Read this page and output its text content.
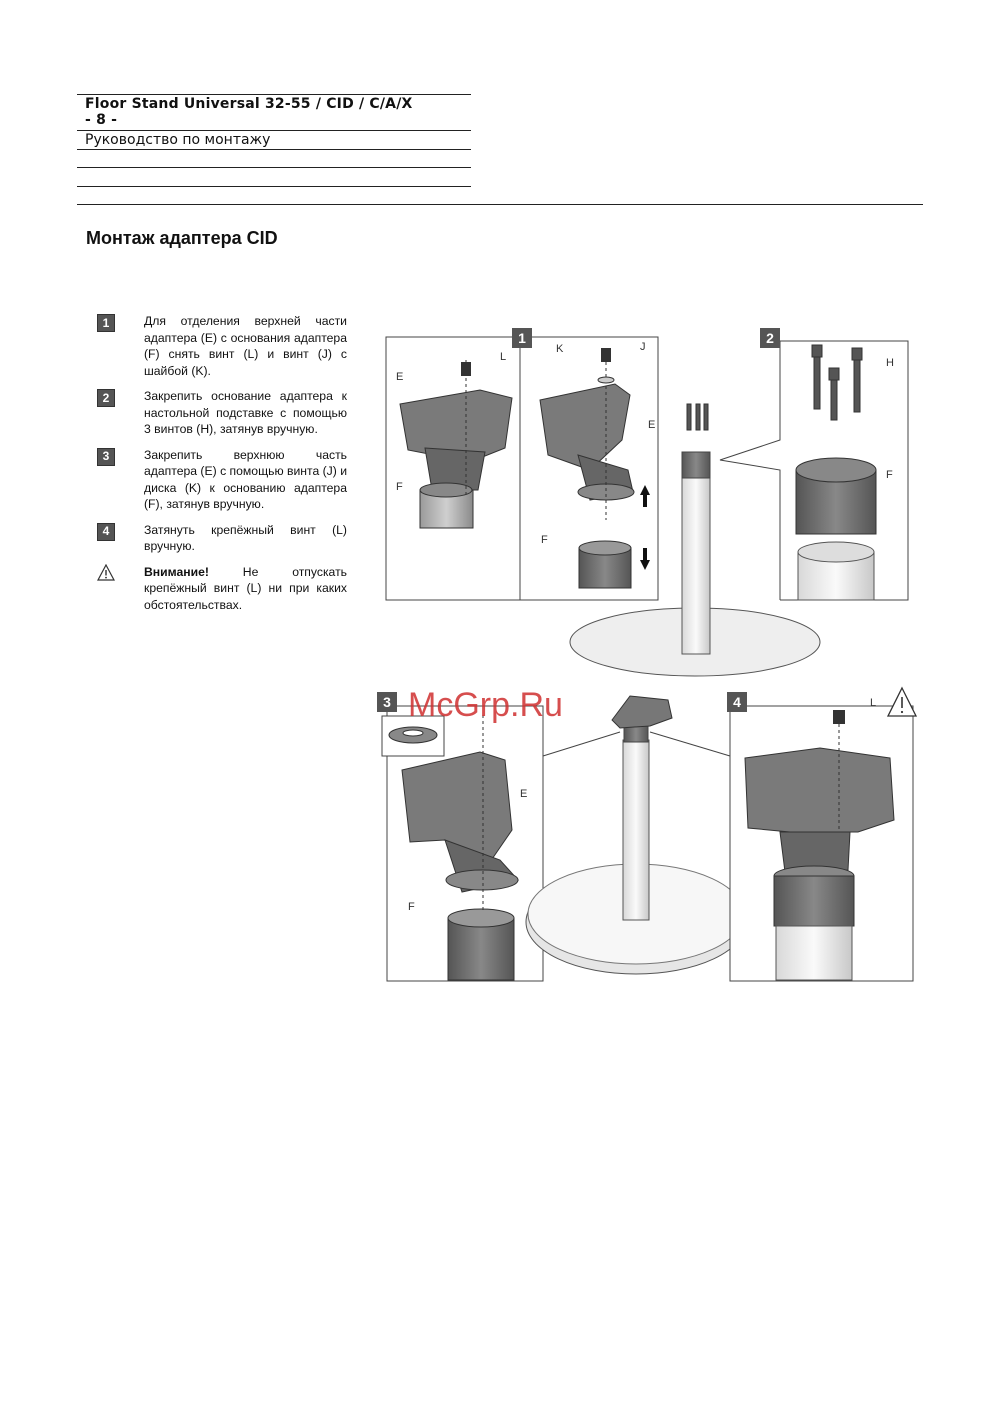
Floor Stand Universal 32-55 / CID / C/A/X
- 8 -
Руководство по монтажу
Монтаж адаптера CID
1	Для отделения верхней части адаптера (E) с основания адаптера (F) снять винт (L) и винт (J) с шайбой (K).
2	Закрепить основание адаптера к настольной подставке с помощью 3 винтов (H), затянув вручную.
3	Закрепить верхнюю часть адаптера (E) с помощью винта (J) и диска (K) к основанию адаптера (F), затянув вручную.
4	Затянуть крепёжный винт (L) вручную.
Внимание! Не отпускать крепёжный винт (L) ни при каких обстоятельствах.
1
E
L
F
K	J
E
F
2
H
F
3
E
F
4	L
McGrp.Ru
